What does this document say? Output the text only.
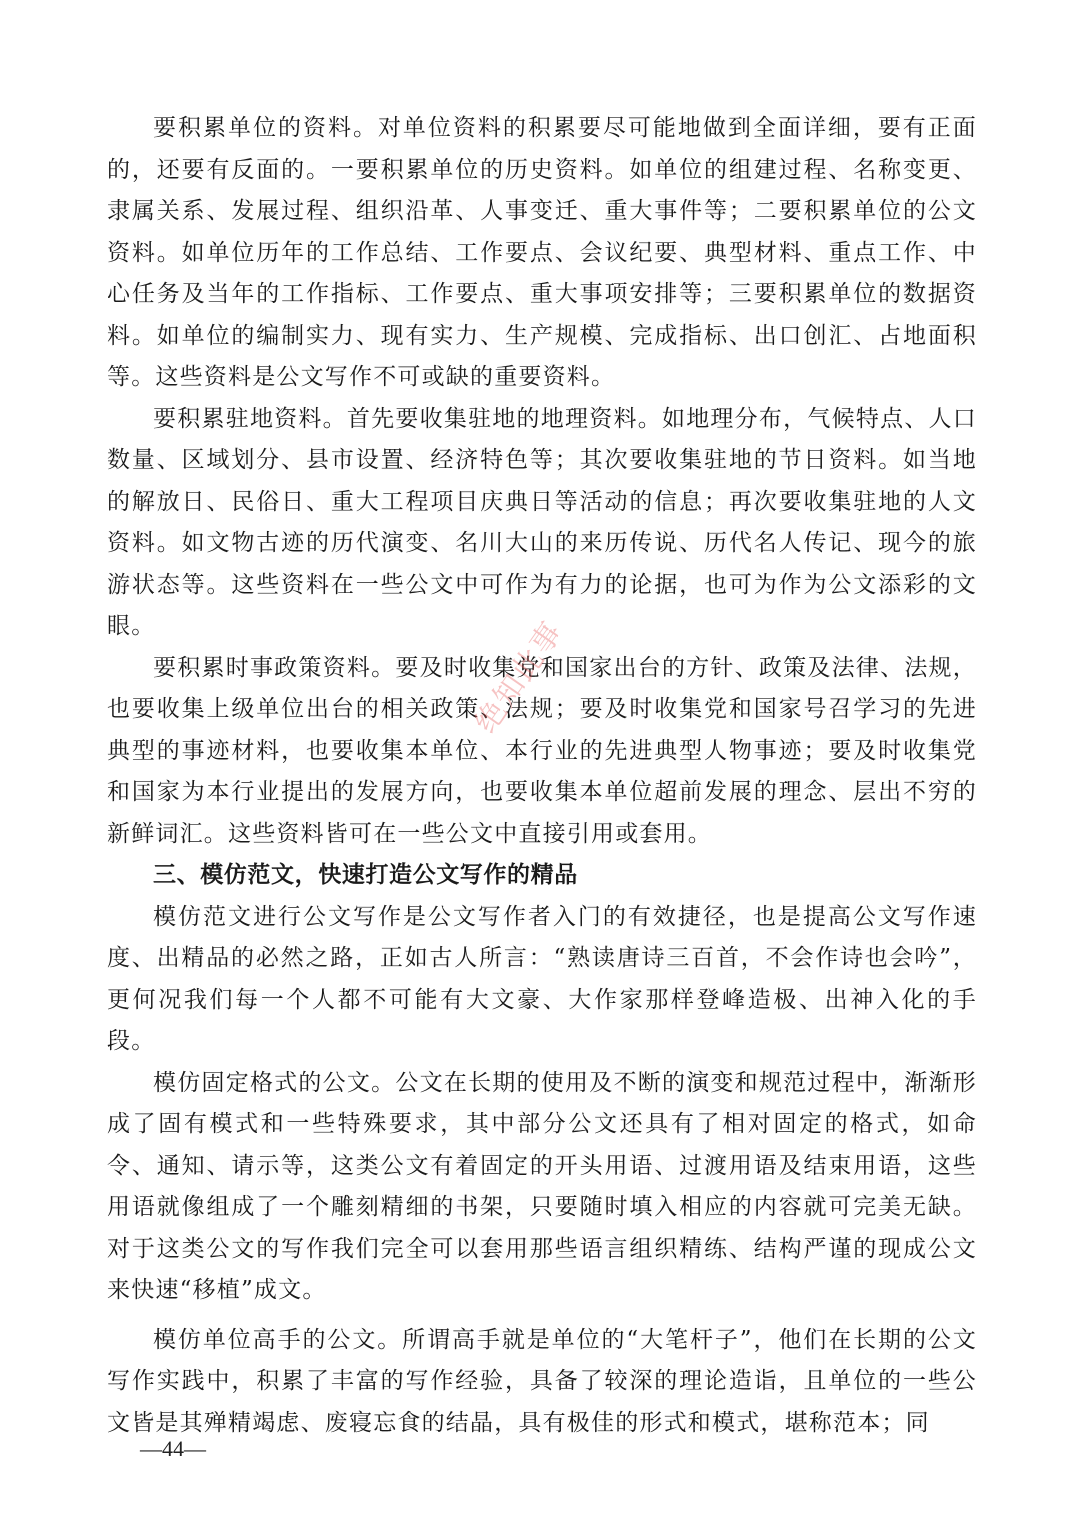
要积累单位的资料。对单位资料的积累要尽可能地做到全面详细，要有正面的，还要有反面的。一要积累单位的历史资料。如单位的组建过程、名称变更、隶属关系、发展过程、组织沿革、人事变迁、重大事件等；二要积累单位的公文资料。如单位历年的工作总结、工作要点、会议纪要、典型材料、重点工作、中心任务及当年的工作指标、工作要点、重大事项安排等；三要积累单位的数据资料。如单位的编制实力、现有实力、生产规模、完成指标、出口创汇、占地面积等。这些资料是公文写作不可或缺的重要资料。

要积累驻地资料。首先要收集驻地的地理资料。如地理分布，气候特点、人口数量、区域划分、县市设置、经济特色等；其次要收集驻地的节日资料。如当地的解放日、民俗日、重大工程项目庆典日等活动的信息；再次要收集驻地的人文资料。如文物古迹的历代演变、名川大山的来历传说、历代名人传记、现今的旅游状态等。这些资料在一些公文中可作为有力的论据，也可为作为公文添彩的文眼。

要积累时事政策资料。要及时收集党和国家出台的方针、政策及法律、法规，也要收集上级单位出台的相关政策、法规；要及时收集党和国家号召学习的先进典型的事迹材料，也要收集本单位、本行业的先进典型人物事迹；要及时收集党和国家为本行业提出的发展方向，也要收集本单位超前发展的理念、层出不穷的新鲜词汇。这些资料皆可在一些公文中直接引用或套用。

三、模仿范文，快速打造公文写作的精品

模仿范文进行公文写作是公文写作者入门的有效捷径，也是提高公文写作速度、出精品的必然之路，正如古人所言：“熟读唐诗三百首，不会作诗也会吟”，更何况我们每一个人都不可能有大文豪、大作家那样登峰造极、出神入化的手段。

模仿固定格式的公文。公文在长期的使用及不断的演变和规范过程中，渐渐形成了固有模式和一些特殊要求，其中部分公文还具有了相对固定的格式，如命令、通知、请示等，这类公文有着固定的开头用语、过渡用语及结束用语，这些用语就像组成了一个雕刻精细的书架，只要随时填入相应的内容就可完美无缺。对于这类公文的写作我们完全可以套用那些语言组织精练、结构严谨的现成公文来快速“移植”成文。

模仿单位高手的公文。所谓高手就是单位的“大笔杆子”，他们在长期的公文写作实践中，积累了丰富的写作经验，具备了较深的理论造诣，且单位的一些公文皆是其殚精竭虑、废寝忘食的结晶，具有极佳的形式和模式，堪称范本；同

绝知此事
—44—
